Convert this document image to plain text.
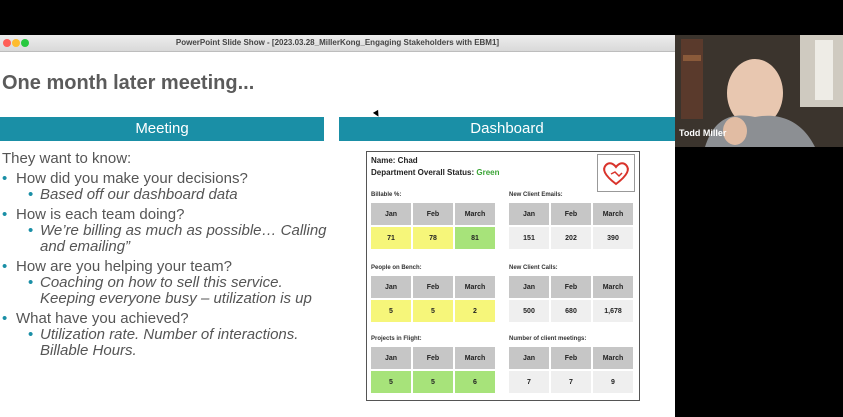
PowerPoint Slide Show - [2023.03.28_MillerKong_Engaging Stakeholders with EBM1]
One month later meeting...
Meeting	Dashboard

They want to know:

• How did you make your decisions?

• Based off our dashboard data

• How is each team doing?

• We’re billing as much as possible… Calling and emailing”

• How are you helping your team?

• Coaching on how to sell this service. Keeping everyone busy – utilization is up

• What have you achieved?

• Utilization rate. Number of interactions. Billable Hours.

Name: Chad
Department Overall Status: Green
Billable %:
Jan	Feb	March
71	78	81
New Client Emails:
Jan	Feb	March
151	202	390
People on Bench:
Jan	Feb	March
5	5	2
New Client Calls:
Jan	Feb	March
500	680	1,678
Projects in Flight:
Jan	Feb	March
5	5	6
Number of client meetings:
Jan	Feb	March
7	7	9
Todd Miller
